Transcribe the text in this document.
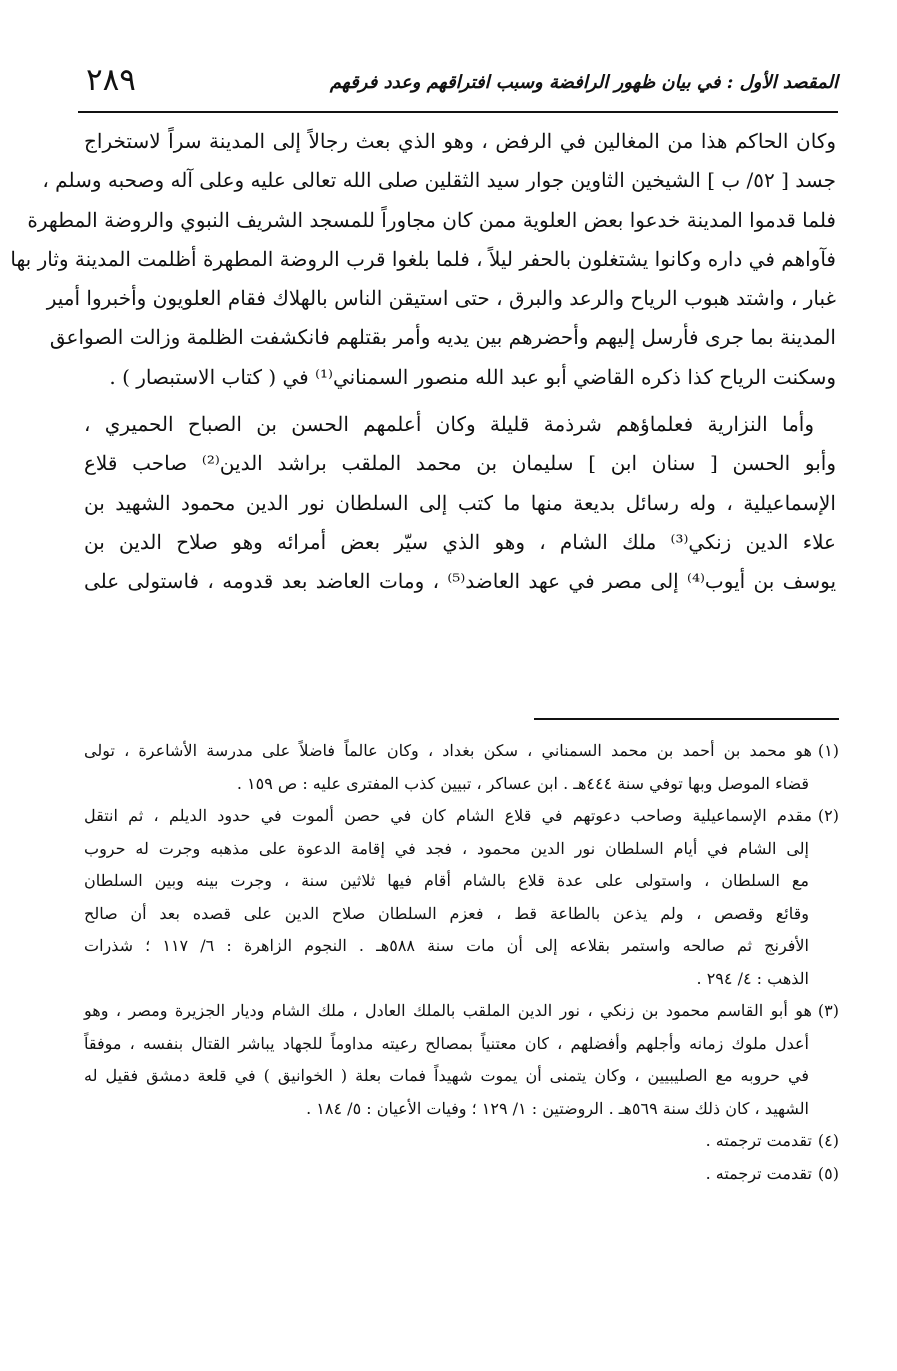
٢٨٩	المقصد الأول : في بيان ظهور الرافضة وسبب افتراقهم وعدد فرقهم
وكان الحاكم هذا من المغالين في الرفض ، وهو الذي بعث رجالاً إلى المدينة سراً لاستخراج
جسد [ ٥٢/ ب ] الشيخين الثاوين جوار سيد الثقلين صلى الله تعالى عليه وعلى آله وصحبه وسلم ،
فلما قدموا المدينة خدعوا بعض العلوية ممن كان مجاوراً للمسجد الشريف النبوي والروضة المطهرة
فآواهم في داره وكانوا يشتغلون بالحفر ليلاً ، فلما بلغوا قرب الروضة المطهرة أظلمت المدينة وثار بها
غبار ، واشتد هبوب الرياح والرعد والبرق ، حتى استيقن الناس بالهلاك فقام العلويون وأخبروا أمير
المدينة بما جرى فأرسل إليهم وأحضرهم بين يديه وأمر بقتلهم فانكشفت الظلمة وزالت الصواعق
وسكنت الرياح كذا ذكره القاضي أبو عبد الله منصور السمناني⁽¹⁾ في ( كتاب الاستبصار ) .
وأما النزارية فعلماؤهم شرذمة قليلة وكان أعلمهم الحسن بن الصباح الحميري ،
وأبو الحسن [ سنان ابن ] سليمان بن محمد الملقب براشد الدين⁽²⁾ صاحب قلاع
الإسماعيلية ، وله رسائل بديعة منها ما كتب إلى السلطان نور الدين محمود الشهيد بن
علاء الدين زنكي⁽³⁾ ملك الشام ، وهو الذي سيّر بعض أمرائه وهو صلاح الدين بن
يوسف بن أيوب⁽⁴⁾ إلى مصر في عهد العاضد⁽⁵⁾ ، ومات العاضد بعد قدومه ، فاستولى على
(١)هو محمد بن أحمد بن محمد السمناني ، سكن بغداد ، وكان عالماً فاضلاً على مدرسة الأشاعرة ، تولى
قضاء الموصل وبها توفي سنة ٤٤٤هـ . ابن عساكر ، تبيين كذب المفترى عليه : ص ١٥٩ .
(٢)مقدم الإسماعيلية وصاحب دعوتهم في قلاع الشام كان في حصن ألموت في حدود الديلم ، ثم انتقل
إلى الشام في أيام السلطان نور الدين محمود ، فجد في إقامة الدعوة على مذهبه وجرت له حروب
مع السلطان ، واستولى على عدة قلاع بالشام أقام فيها ثلاثين سنة ، وجرت بينه وبين السلطان
وقائع وقصص ، ولم يذعن بالطاعة قط ، فعزم السلطان صلاح الدين على قصده بعد أن صالح
الأفرنج ثم صالحه واستمر بقلاعه إلى أن مات سنة ٥٨٨هـ . النجوم الزاهرة : ٦/ ١١٧ ؛ شذرات
الذهب : ٤/ ٢٩٤ .
(٣)هو أبو القاسم محمود بن زنكي ، نور الدين الملقب بالملك العادل ، ملك الشام وديار الجزيرة ومصر ، وهو
أعدل ملوك زمانه وأجلهم وأفضلهم ، كان معتنياً بمصالح رعيته مداوماً للجهاد يباشر القتال بنفسه ، موفقاً
في حروبه مع الصليبيين ، وكان يتمنى أن يموت شهيداً فمات بعلة ( الخوانيق ) في قلعة دمشق فقيل له
الشهيد ، كان ذلك سنة ٥٦٩هـ . الروضتين : ١/ ١٢٩ ؛ وفيات الأعيان : ٥/ ١٨٤ .
(٤)تقدمت ترجمته .
(٥)تقدمت ترجمته .
